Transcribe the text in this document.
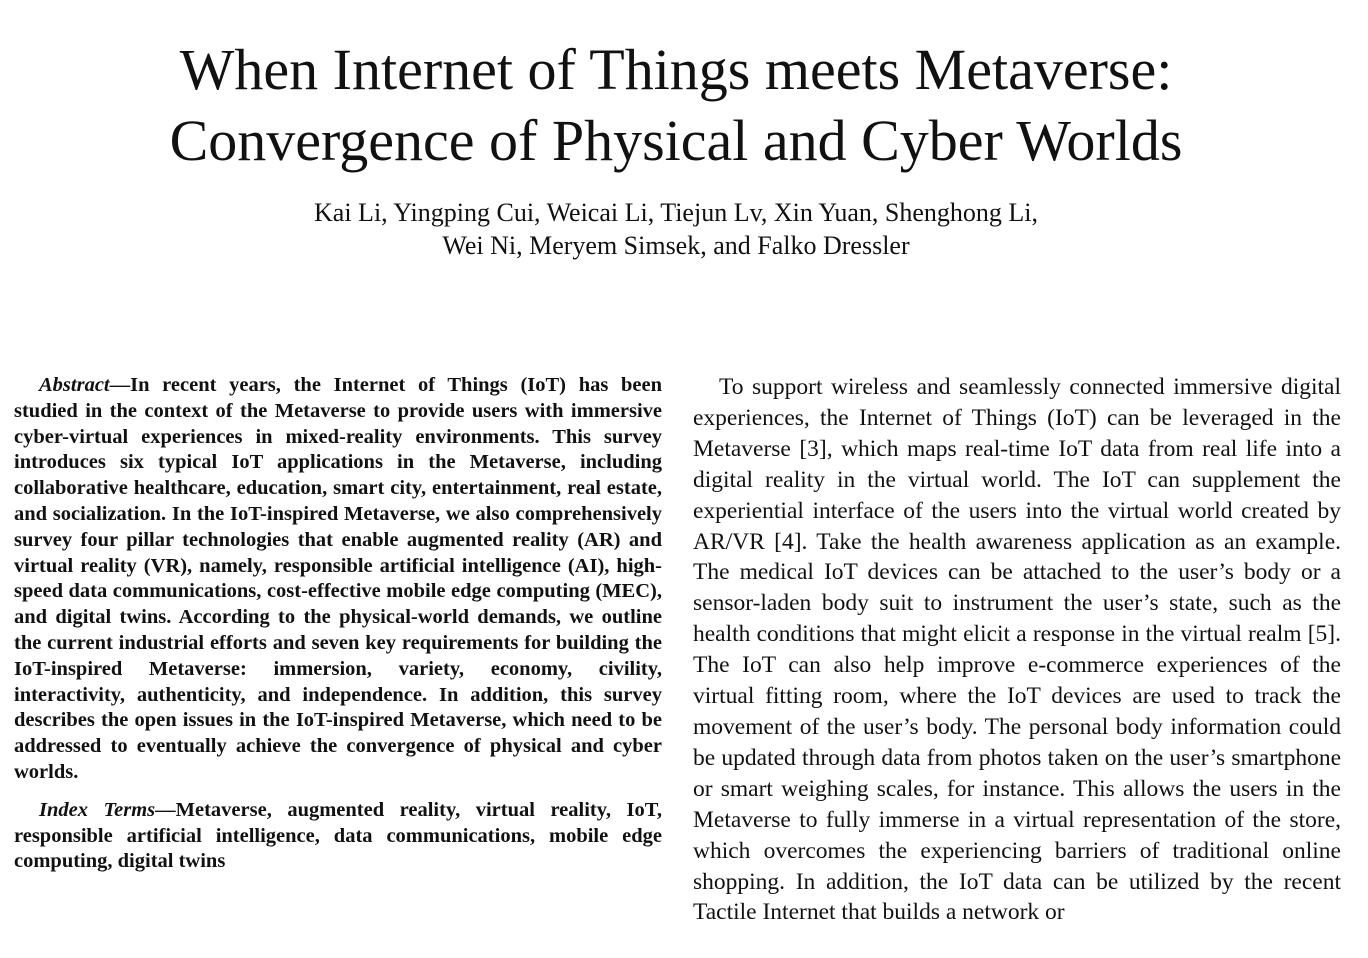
When Internet of Things meets Metaverse:
Convergence of Physical and Cyber Worlds
Kai Li, Yingping Cui, Weicai Li, Tiejun Lv, Xin Yuan, Shenghong Li,
Wei Ni, Meryem Simsek, and Falko Dressler

Abstract—In recent years, the Internet of Things (IoT) has been studied in the context of the Metaverse to provide users with immersive cyber-virtual experiences in mixed-reality environments. This survey introduces six typical IoT applications in the Metaverse, including collaborative healthcare, education, smart city, entertainment, real estate, and socialization. In the IoT-inspired Metaverse, we also comprehensively survey four pillar technologies that enable augmented reality (AR) and virtual reality (VR), namely, responsible artificial intelligence (AI), high-speed data communications, cost-effective mobile edge computing (MEC), and digital twins. According to the physical-world demands, we outline the current industrial efforts and seven key requirements for building the IoT-inspired Metaverse: immersion, variety, economy, civility, interactivity, authenticity, and independence. In addition, this survey describes the open issues in the IoT-inspired Metaverse, which need to be addressed to eventually achieve the convergence of physical and cyber worlds.

Index Terms—Metaverse, augmented reality, virtual reality, IoT, responsible artificial intelligence, data communications, mobile edge computing, digital twins

To support wireless and seamlessly connected immersive digital experiences, the Internet of Things (IoT) can be leveraged in the Metaverse [3], which maps real-time IoT data from real life into a digital reality in the virtual world. The IoT can supplement the experiential interface of the users into the virtual world created by AR/VR [4]. Take the health awareness application as an example. The medical IoT devices can be attached to the user’s body or a sensor-laden body suit to instrument the user’s state, such as the health conditions that might elicit a response in the virtual realm [5]. The IoT can also help improve e-commerce experiences of the virtual fitting room, where the IoT devices are used to track the movement of the user’s body. The personal body information could be updated through data from photos taken on the user’s smartphone or smart weighing scales, for instance. This allows the users in the Metaverse to fully immerse in a virtual representation of the store, which overcomes the experiencing barriers of traditional online shopping. In addition, the IoT data can be utilized by the recent Tactile Internet that builds a network or
